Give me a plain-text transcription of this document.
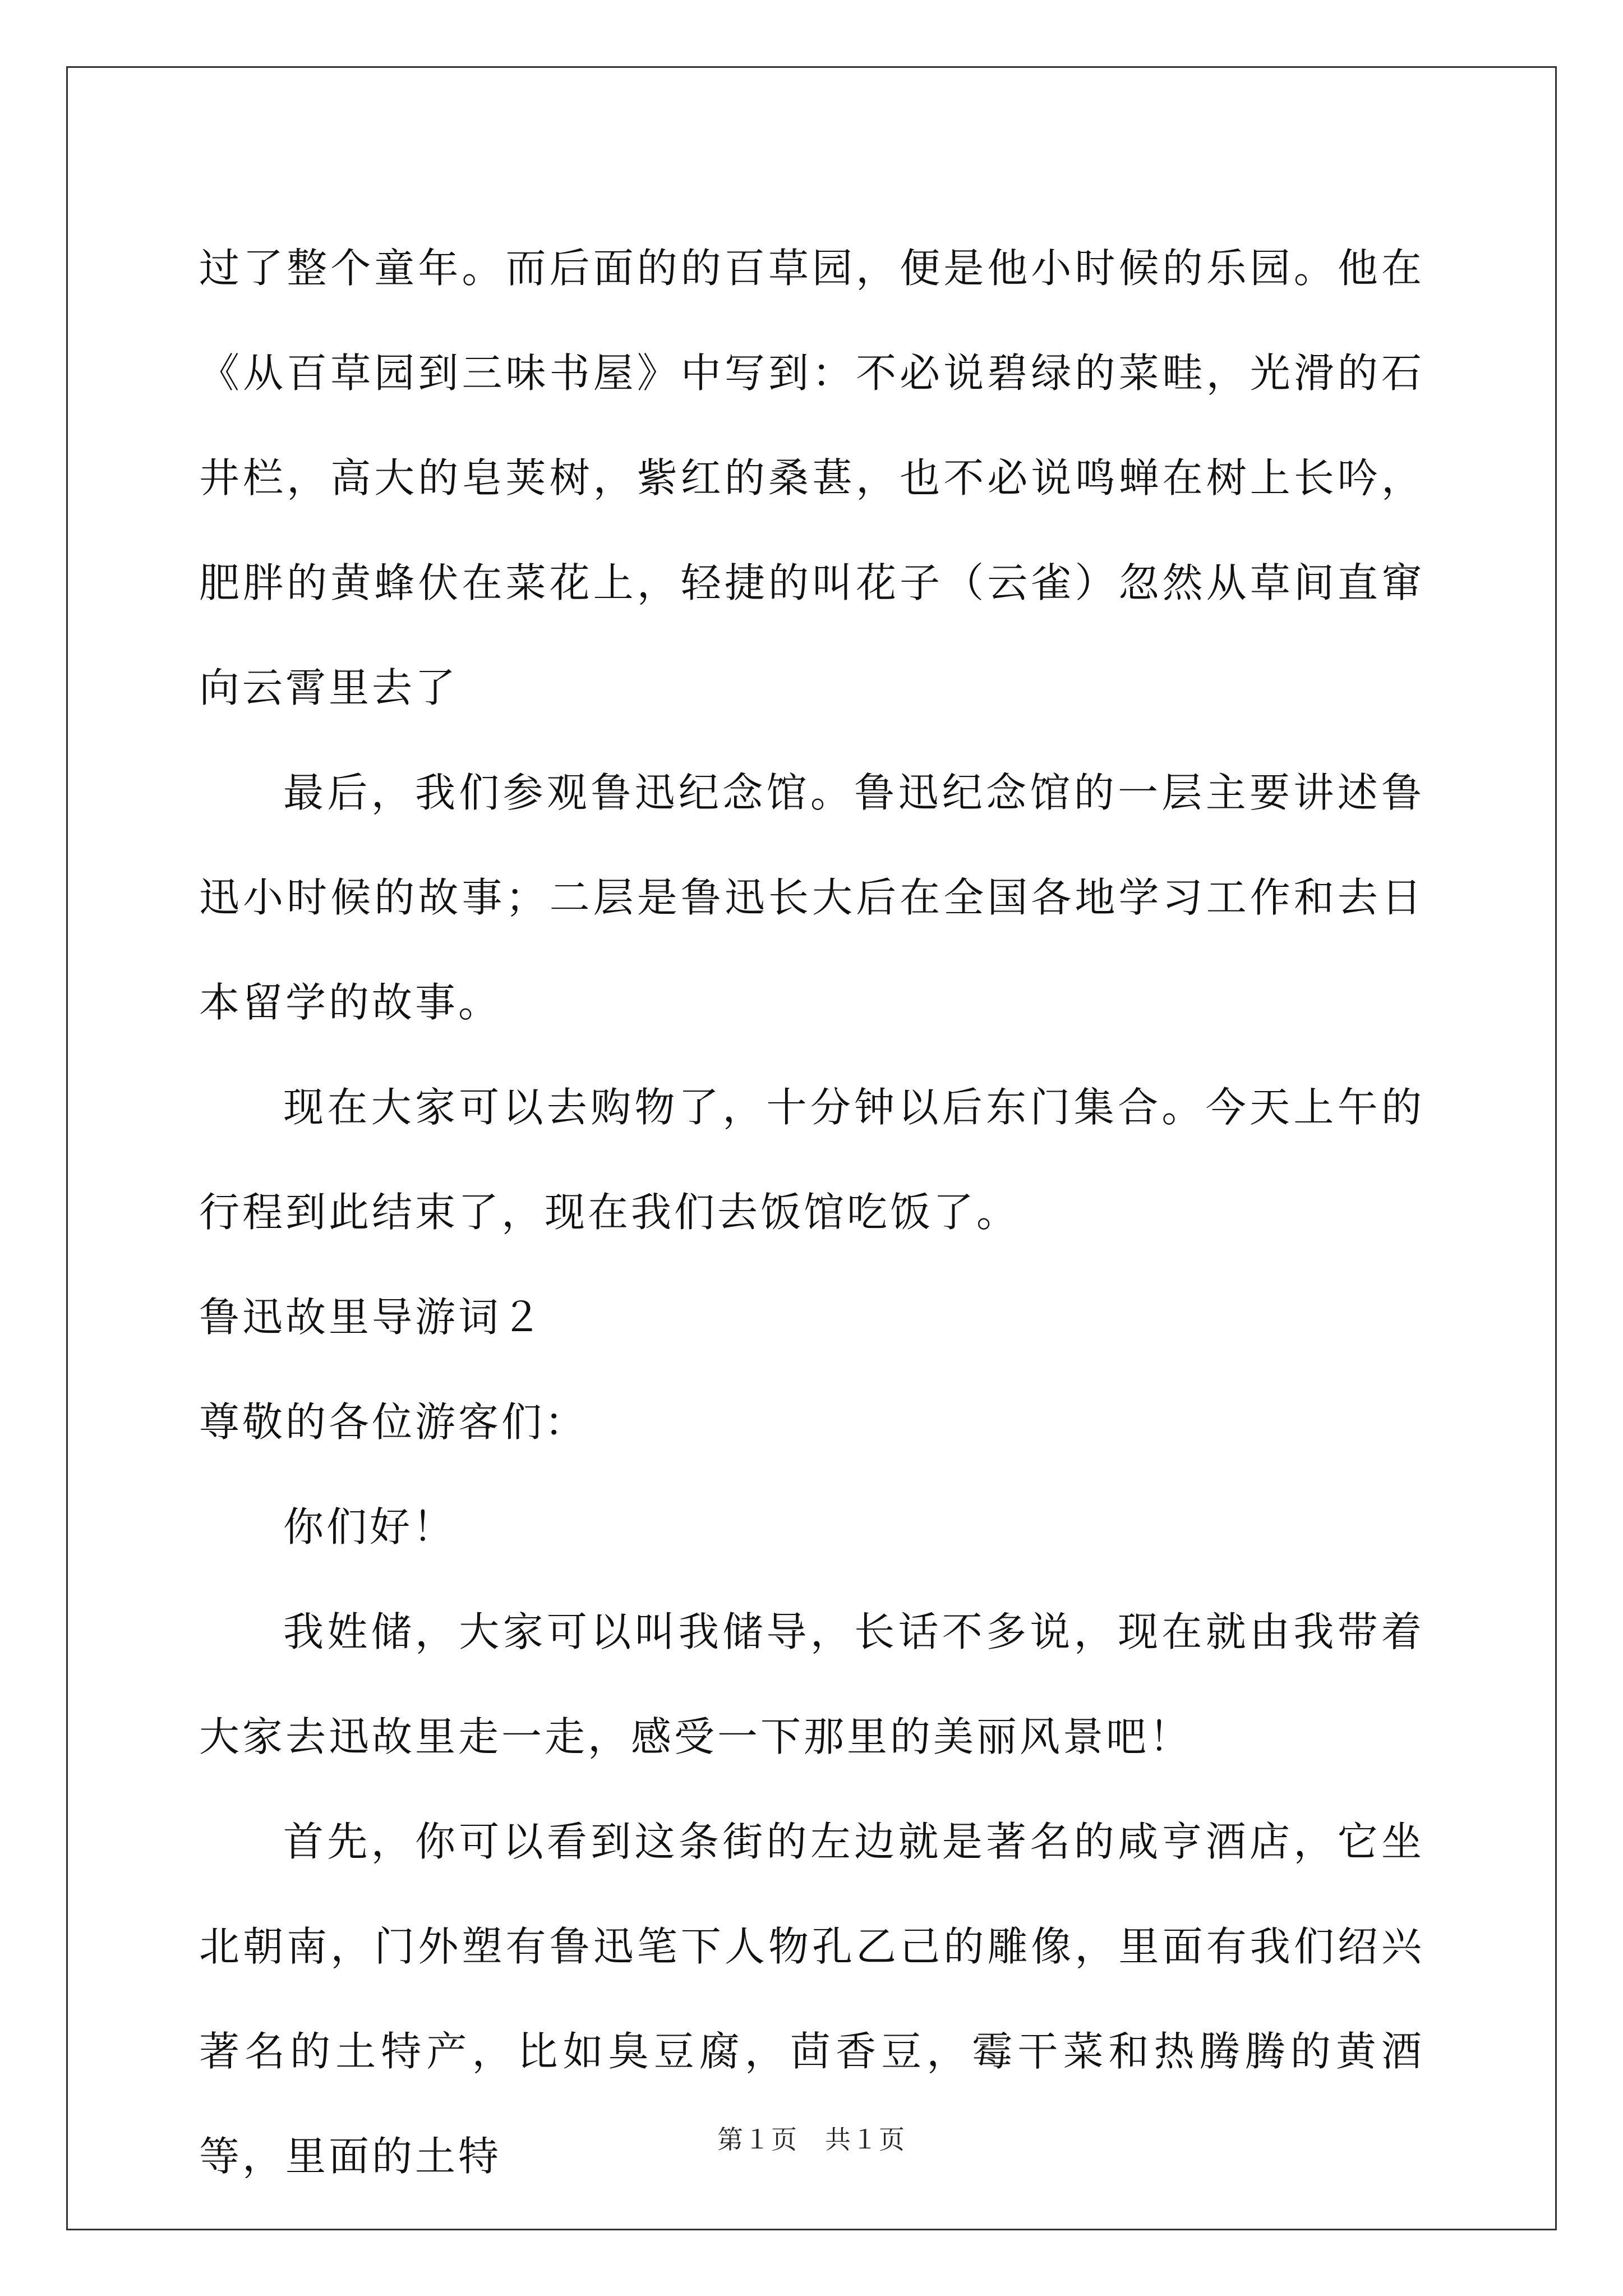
过了整个童年。而后面的的百草园，便是他小时候的乐园。他在《从百草园到三味书屋》中写到：不必说碧绿的菜畦，光滑的石井栏，高大的皂荚树，紫红的桑葚，也不必说鸣蝉在树上长吟，肥胖的黄蜂伏在菜花上，轻捷的叫花子（云雀）忽然从草间直窜向云霄里去了

最后，我们参观鲁迅纪念馆。鲁迅纪念馆的一层主要讲述鲁迅小时候的故事；二层是鲁迅长大后在全国各地学习工作和去日本留学的故事。

现在大家可以去购物了，十分钟以后东门集合。今天上午的行程到此结束了，现在我们去饭馆吃饭了。

鲁迅故里导游词２

尊敬的各位游客们：

你们好！

我姓储，大家可以叫我储导，长话不多说，现在就由我带着大家去迅故里走一走，感受一下那里的美丽风景吧！

首先，你可以看到这条街的左边就是著名的咸亨酒店，它坐北朝南，门外塑有鲁迅笔下人物孔乙己的雕像，里面有我们绍兴著名的土特产，比如臭豆腐，茴香豆，霉干菜和热腾腾的黄酒等，里面的土特	第１页　共１页
